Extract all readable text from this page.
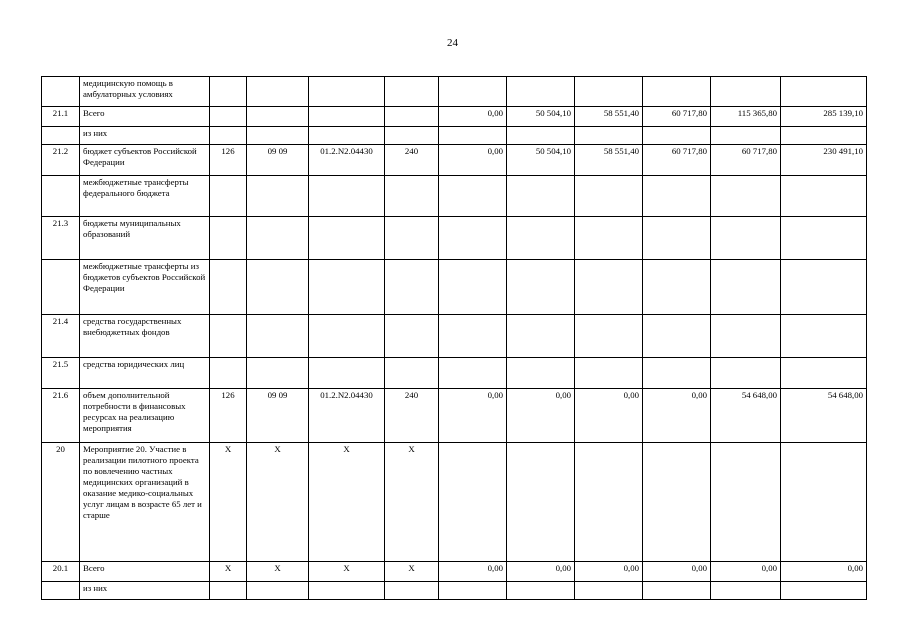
24
	медицинскую помощь в амбулаторных условиях										
21.1	Всего					0,00	50 504,10	58 551,40	60 717,80	115 365,80	285 139,10
	из них										
21.2	бюджет субъектов Российской Федерации	126	09 09	01.2.N2.04430	240	0,00	50 504,10	58 551,40	60 717,80	60 717,80	230 491,10
	межбюджетные трансферты федерального бюджета										
21.3	бюджеты муниципальных образований										
	межбюджетные трансферты из бюджетов субъектов Российской Федерации										
21.4	средства государственных внебюджетных фондов										
21.5	средства юридических лиц										
21.6	объем дополнительной потребности в финансовых ресурсах на реализацию мероприятия	126	09 09	01.2.N2.04430	240	0,00	0,00	0,00	0,00	54 648,00	54 648,00
20	Мероприятие 20. Участие в реализации пилотного проекта по вовлечению частных медицинских организаций в оказание медико-социальных услуг лицам в возрасте 65 лет и старше	X	X	X	X						
20.1	Всего	X	X	X	X	0,00	0,00	0,00	0,00	0,00	0,00
	из них										
